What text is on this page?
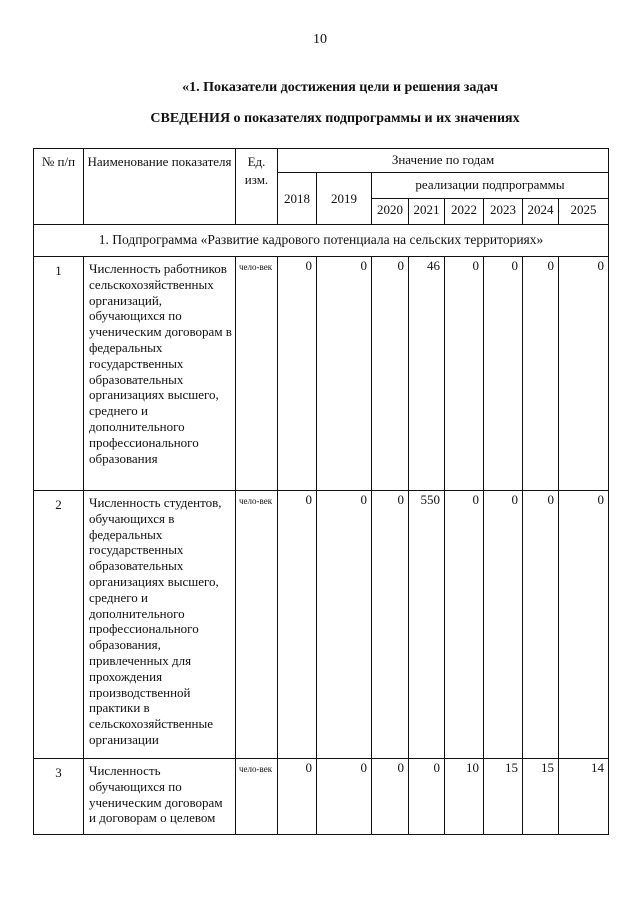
10
«1. Показатели достижения цели и решения задач
СВЕДЕНИЯ о показателях подпрограммы и их значениях
№ п/п	Наименование показателя	Ед. изм.	Значение по годам							
			2018	2019	реализации подпрограммы					
					2020	2021	2022	2023	2024	2025
1. Подпрограмма «Развитие кадрового потенциала на сельских территориях»										
1	Численность работников сельскохозяйственных организаций, обучающихся по ученическим договорам в федеральных государственных образовательных организациях высшего, среднего и дополнительного профессионального образования	чело-век	0	0	0	46	0	0	0	0
2	Численность студентов, обучающихся в федеральных государственных образовательных организациях высшего, среднего и дополнительного профессионального образования, привлеченных для прохождения производственной практики в сельскохозяйственные организации	чело-век	0	0	0	550	0	0	0	0
3	Численность обучающихся по ученическим договорам и договорам о целевом	чело-век	0	0	0	0	10	15	15	14
